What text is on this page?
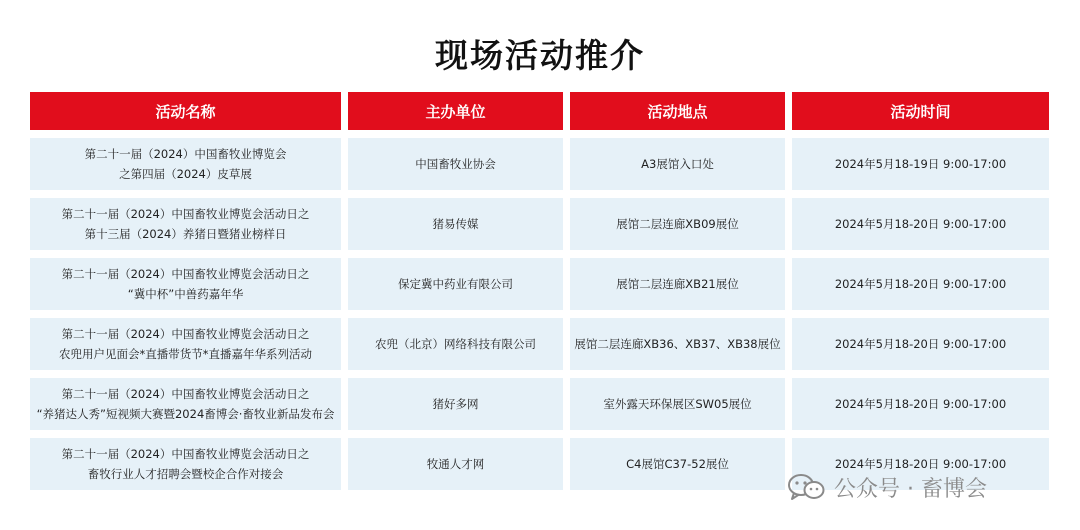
现场活动推介
活动名称	主办单位	活动地点	活动时间
第二十一届（2024）中国畜牧业博览会
之第四届（2024）皮草展
中国畜牧业协会	A3展馆入口处	2024年5月18-19日 9:00-17:00
第二十一届（2024）中国畜牧业博览会活动日之
第十三届（2024）养猪日暨猪业榜样日
猪易传媒	展馆二层连廊XB09展位	2024年5月18-20日 9:00-17:00
第二十一届（2024）中国畜牧业博览会活动日之
“冀中杯”中兽药嘉年华
保定冀中药业有限公司	展馆二层连廊XB21展位	2024年5月18-20日 9:00-17:00
第二十一届（2024）中国畜牧业博览会活动日之
农兜用户见面会*直播带货节*直播嘉年华系列活动
农兜（北京）网络科技有限公司	展馆二层连廊XB36、XB37、XB38展位	2024年5月18-20日 9:00-17:00
第二十一届（2024）中国畜牧业博览会活动日之
“养猪达人秀”短视频大赛暨2024畜博会·畜牧业新品发布会
猪好多网	室外露天环保展区SW05展位	2024年5月18-20日 9:00-17:00
第二十一届（2024）中国畜牧业博览会活动日之
畜牧行业人才招聘会暨校企合作对接会
牧通人才网	C4展馆C37-52展位	2024年5月18-20日 9:00-17:00
公众号 · 畜博会
